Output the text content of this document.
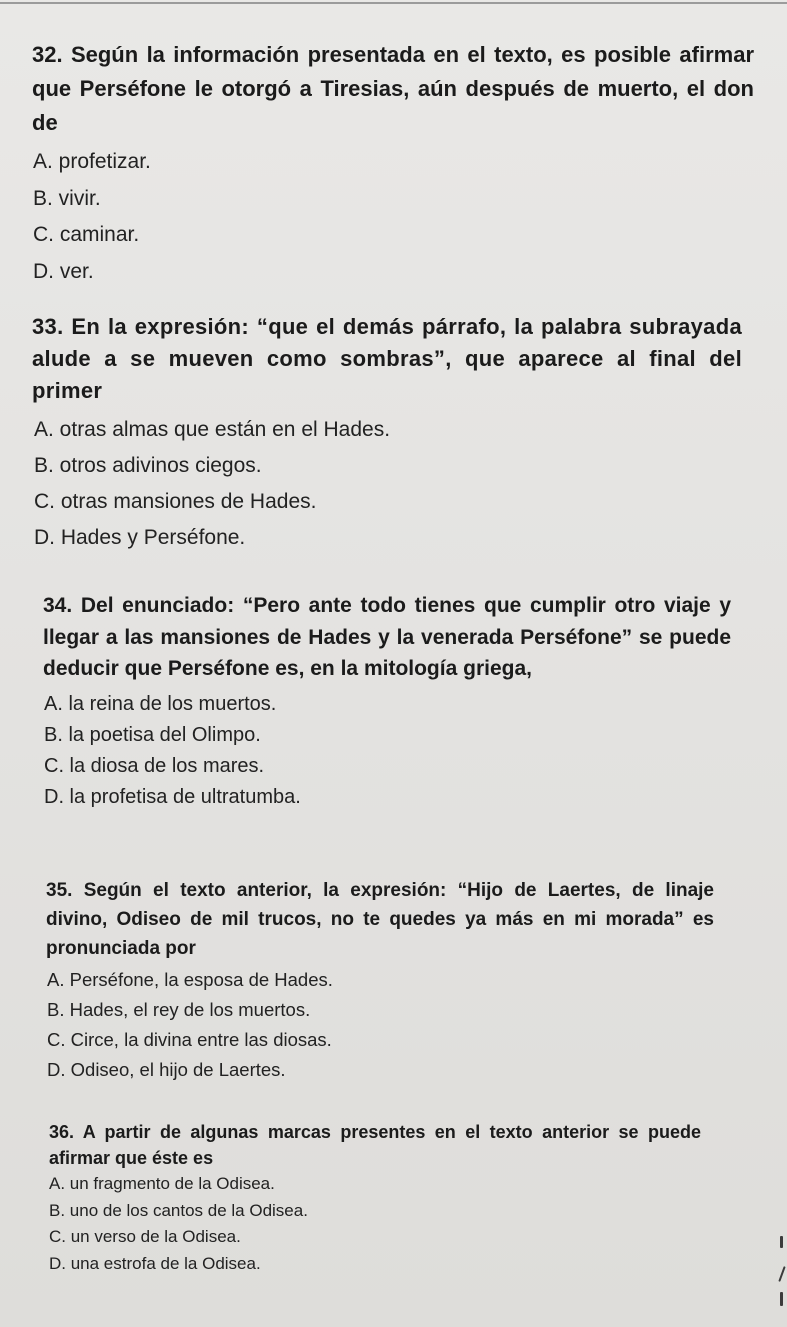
32. Según la información presentada en el texto, es posible afirmar que Perséfone le otorgó a Tiresias, aún después de muerto, el don de

A. profetizar.
B. vivir.
C. caminar.
D. ver.

33. En la expresión: “que el demás párrafo, la palabra subrayada alude a se mueven como sombras”, que aparece al final del primer

A. otras almas que están en el Hades.
B. otros adivinos ciegos.
C. otras mansiones de Hades.
D. Hades y Perséfone.

34. Del enunciado: “Pero ante todo tienes que cumplir otro viaje y llegar a las mansiones de Hades y la venerada Perséfone” se puede deducir que Perséfone es, en la mitología griega,

A. la reina de los muertos.
B. la poetisa del Olimpo.
C. la diosa de los mares.
D. la profetisa de ultratumba.

35. Según el texto anterior, la expresión: “Hijo de Laertes, de linaje divino, Odiseo de mil trucos, no te quedes ya más en mi morada” es pronunciada por

A. Perséfone, la esposa de Hades.
B. Hades, el rey de los muertos.
C. Circe, la divina entre las diosas.
D. Odiseo, el hijo de Laertes.

36. A partir de algunas marcas presentes en el texto anterior se puede afirmar que éste es

A. un fragmento de la Odisea.
B. uno de los cantos de la Odisea.
C. un verso de la Odisea.
D. una estrofa de la Odisea.
